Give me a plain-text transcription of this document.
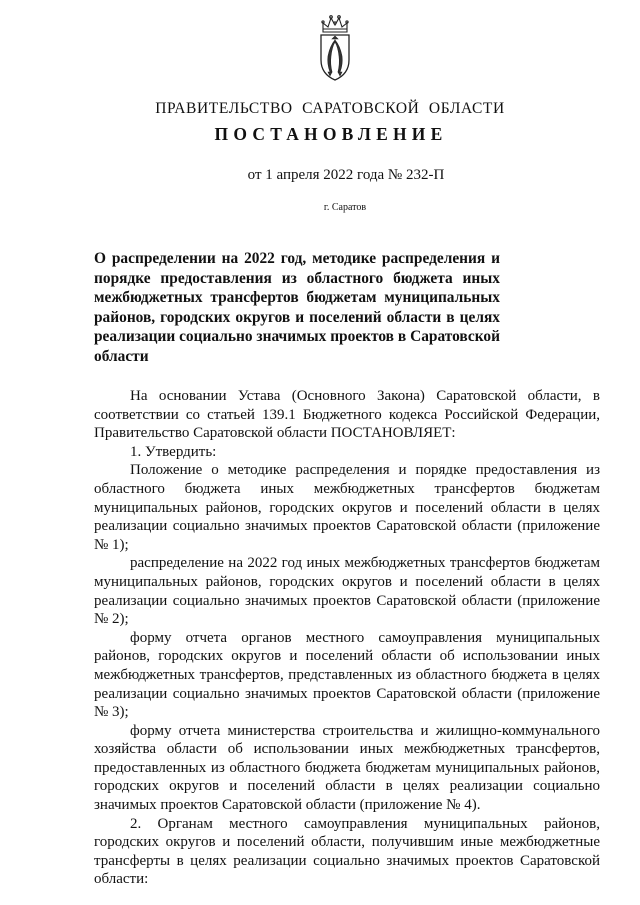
ПРАВИТЕЛЬСТВО САРАТОВСКОЙ ОБЛАСТИ
ПОСТАНОВЛЕНИЕ
от 1 апреля 2022 года № 232-П
г. Саратов
О распределении на 2022 год, методике распределения и порядке предоставления из областного бюджета иных межбюджетных трансфертов бюджетам муниципальных районов, городских округов и поселений области в целях реализации социально значимых проектов в Саратовской области

На основании Устава (Основного Закона) Саратовской области, в соответствии со статьей 139.1 Бюджетного кодекса Российской Федерации, Правительство Саратовской области ПОСТАНОВЛЯЕТ:

1. Утвердить:

Положение о методике распределения и порядке предоставления из областного бюджета иных межбюджетных трансфертов бюджетам муниципальных районов, городских округов и поселений области в целях реализации социально значимых проектов Саратовской области (приложение № 1);

распределение на 2022 год иных межбюджетных трансфертов бюджетам муниципальных районов, городских округов и поселений области в целях реализации социально значимых проектов Саратовской области (приложение № 2);

форму отчета органов местного самоуправления муниципальных районов, городских округов и поселений области об использовании иных межбюджетных трансфертов, представленных из областного бюджета в целях реализации социально значимых проектов Саратовской области (приложение № 3);

форму отчета министерства строительства и жилищно-коммунального хозяйства области об использовании иных межбюджетных трансфертов, предоставленных из областного бюджета бюджетам муниципальных районов, городских округов и поселений области в целях реализации социально значимых проектов Саратовской области (приложение № 4).

2. Органам местного самоуправления муниципальных районов, городских округов и поселений области, получившим иные межбюджетные трансферты в целях реализации социально значимых проектов Саратовской области:
